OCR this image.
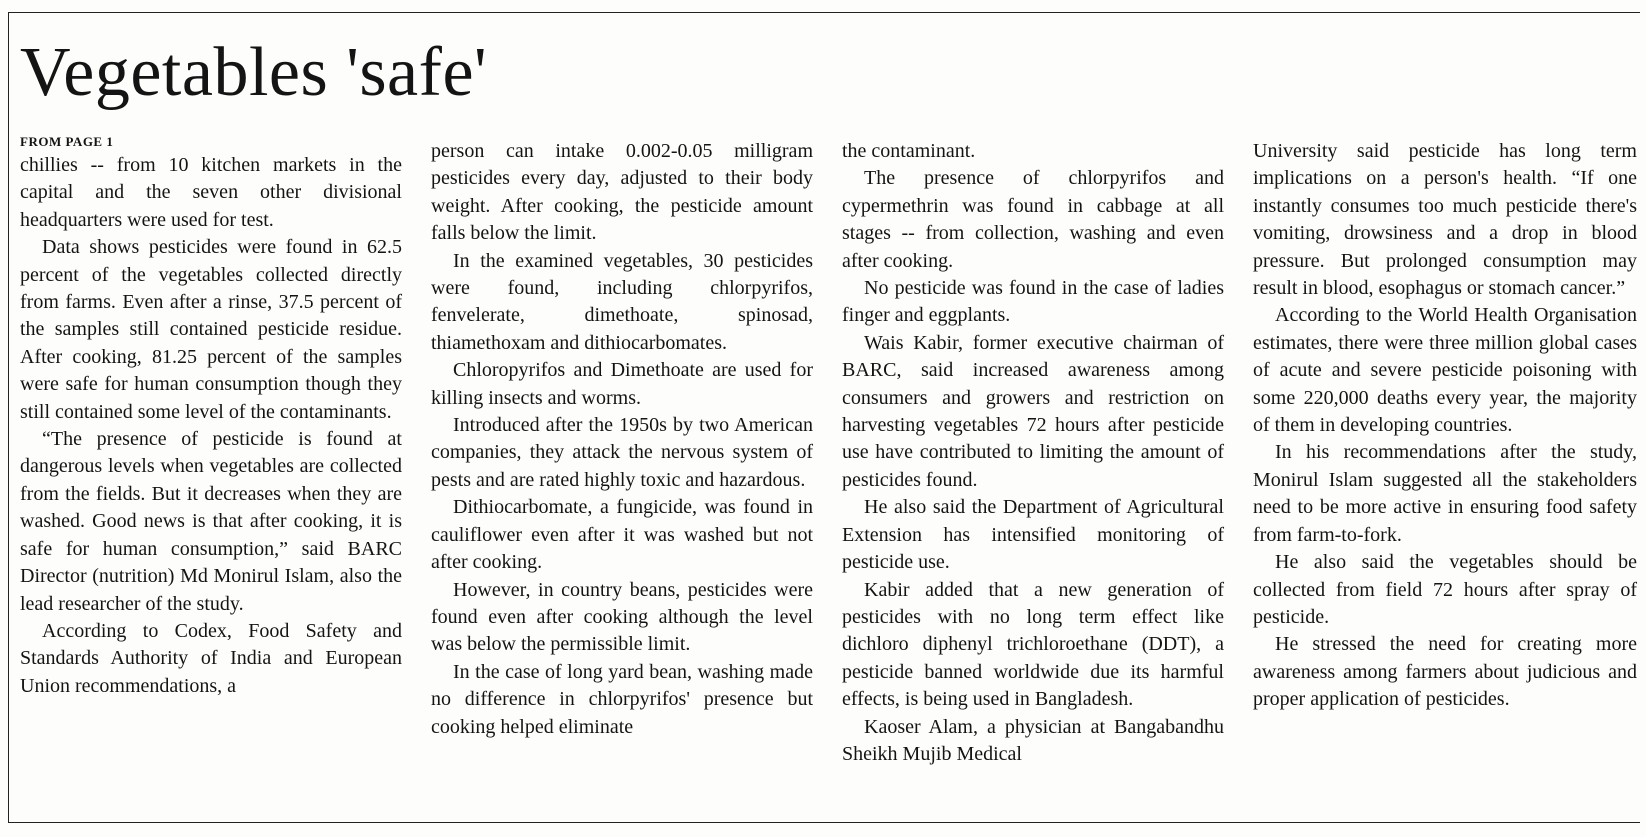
Vegetables 'safe'
FROM PAGE 1

chillies -- from 10 kitchen markets in the capital and the seven other divisional headquarters were used for test.

Data shows pesticides were found in 62.5 percent of the vegetables collected directly from farms. Even after a rinse, 37.5 percent of the samples still contained pesticide residue. After cooking, 81.25 percent of the samples were safe for human consumption though they still contained some level of the contaminants.

“The presence of pesticide is found at dangerous levels when vegetables are collected from the fields. But it decreases when they are washed. Good news is that after cooking, it is safe for human consumption,” said BARC Director (nutrition) Md Monirul Islam, also the lead researcher of the study.

According to Codex, Food Safety and Standards Authority of India and European Union recommendations, a

person can intake 0.002-0.05 milligram pesticides every day, adjusted to their body weight. After cooking, the pesticide amount falls below the limit.

In the examined vegetables, 30 pesticides were found, including chlorpyrifos, fenvelerate, dimethoate, spinosad, thiamethoxam and dithiocarbomates.

Chloropyrifos and Dimethoate are used for killing insects and worms.

Introduced after the 1950s by two American companies, they attack the nervous system of pests and are rated highly toxic and hazardous.

Dithiocarbomate, a fungicide, was found in cauliflower even after it was washed but not after cooking.

However, in country beans, pesticides were found even after cooking although the level was below the permissible limit.

In the case of long yard bean, washing made no difference in chlorpyrifos' presence but cooking helped eliminate

the contaminant.

The presence of chlorpyrifos and cypermethrin was found in cabbage at all stages -- from collection, washing and even after cooking.

No pesticide was found in the case of ladies finger and eggplants.

Wais Kabir, former executive chairman of BARC, said increased awareness among consumers and growers and restriction on harvesting vegetables 72 hours after pesticide use have contributed to limiting the amount of pesticides found.

He also said the Department of Agricultural Extension has intensified monitoring of pesticide use.

Kabir added that a new generation of pesticides with no long term effect like dichloro diphenyl trichloroethane (DDT), a pesticide banned worldwide due its harmful effects, is being used in Bangladesh.

Kaoser Alam, a physician at Bangabandhu Sheikh Mujib Medical

University said pesticide has long term implications on a person's health. “If one instantly consumes too much pesticide there's vomiting, drowsiness and a drop in blood pressure. But prolonged consumption may result in blood, esophagus or stomach cancer.”

According to the World Health Organisation estimates, there were three million global cases of acute and severe pesticide poisoning with some 220,000 deaths every year, the majority of them in developing countries.

In his recommendations after the study, Monirul Islam suggested all the stakeholders need to be more active in ensuring food safety from farm-to-fork.

He also said the vegetables should be collected from field 72 hours after spray of pesticide.

He stressed the need for creating more awareness among farmers about judicious and proper application of pesticides.
